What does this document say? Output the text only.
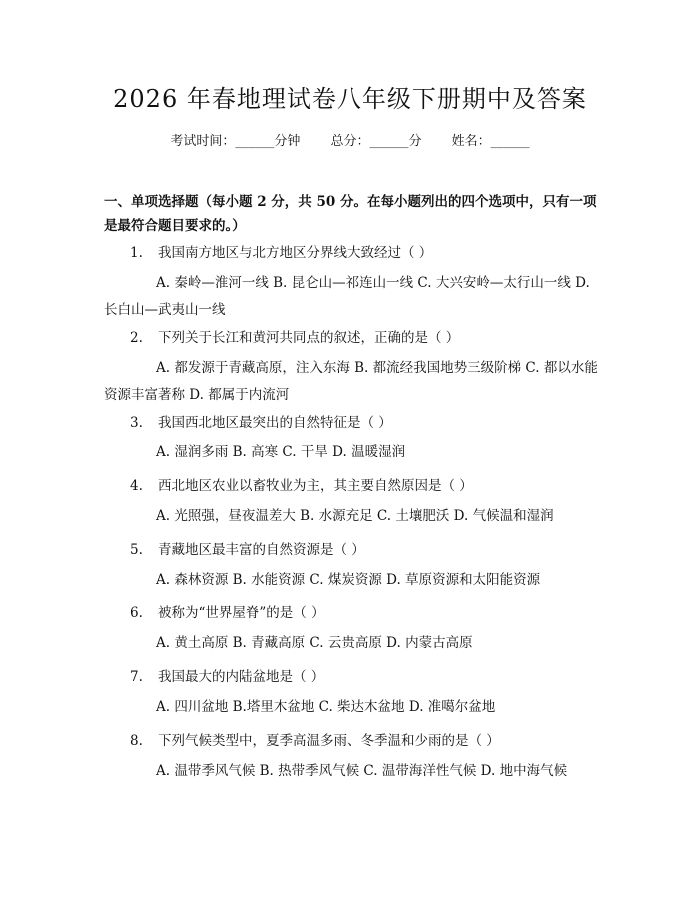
2026 年春地理试卷八年级下册期中及答案
考试时间：______分钟 总分：______分 姓名：______
一、单项选择题（每小题 2 分，共 50 分。在每小题列出的四个选项中，只有一项是最符合题目要求的。）
1. 我国南方地区与北方地区分界线大致经过（ ）
A. 秦岭—淮河一线 B. 昆仑山—祁连山一线 C. 大兴安岭—太行山一线 D. 长白山—武夷山一线
2. 下列关于长江和黄河共同点的叙述，正确的是（ ）
A. 都发源于青藏高原，注入东海 B. 都流经我国地势三级阶梯 C. 都以水能资源丰富著称 D. 都属于内流河
3. 我国西北地区最突出的自然特征是（ ）
A. 湿润多雨 B. 高寒 C. 干旱 D. 温暖湿润
4. 西北地区农业以畜牧业为主，其主要自然原因是（ ）
A. 光照强，昼夜温差大 B. 水源充足 C. 土壤肥沃 D. 气候温和湿润
5. 青藏地区最丰富的自然资源是（ ）
A. 森林资源 B. 水能资源 C. 煤炭资源 D. 草原资源和太阳能资源
6. 被称为“世界屋脊”的是（ ）
A. 黄土高原 B. 青藏高原 C. 云贵高原 D. 内蒙古高原
7. 我国最大的内陆盆地是（ ）
A. 四川盆地 B.塔里木盆地 C. 柴达木盆地 D. 准噶尔盆地
8. 下列气候类型中，夏季高温多雨、冬季温和少雨的是（ ）
A. 温带季风气候 B. 热带季风气候 C. 温带海洋性气候 D. 地中海气候
